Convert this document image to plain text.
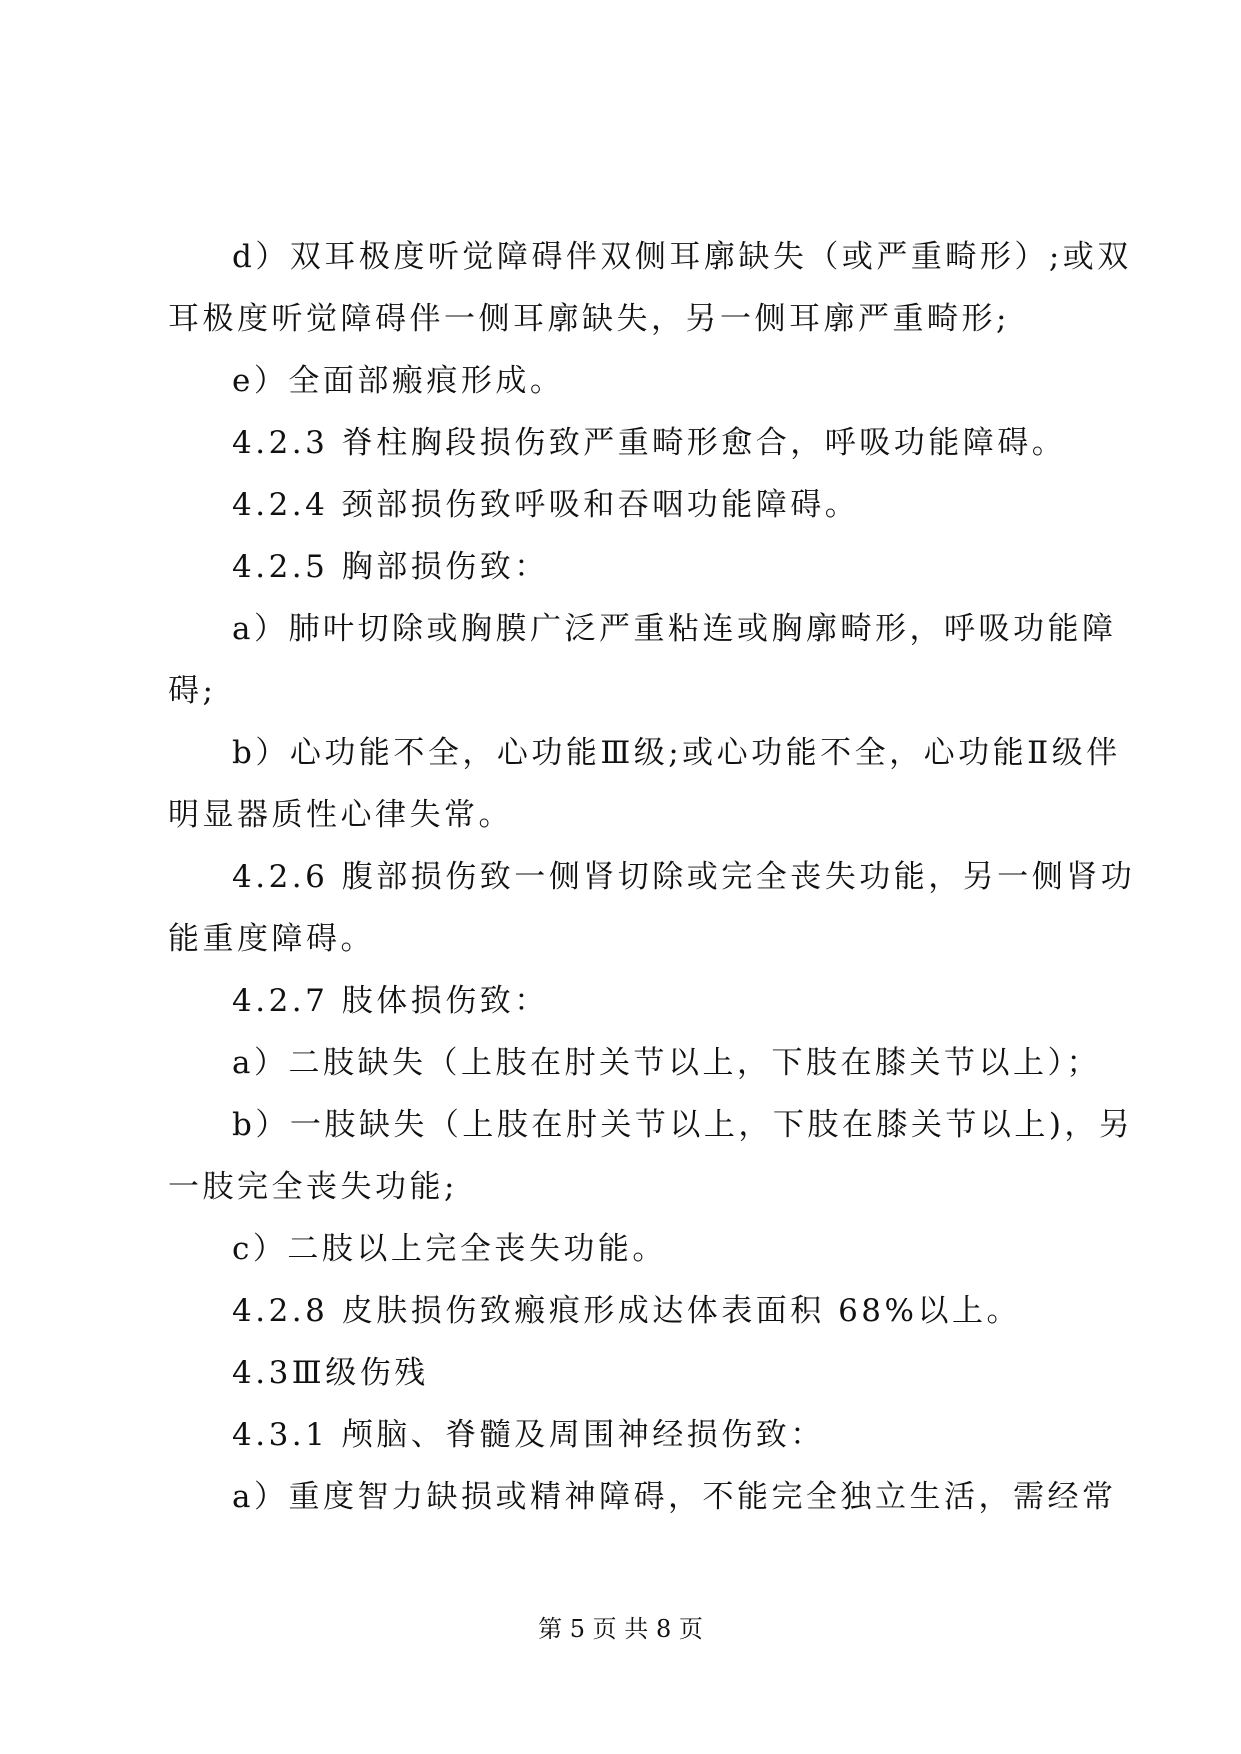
d）双耳极度听觉障碍伴双侧耳廓缺失（或严重畸形）;或双
耳极度听觉障碍伴一侧耳廓缺失，另一侧耳廓严重畸形;
e）全面部瘢痕形成。
4.2.3 脊柱胸段损伤致严重畸形愈合，呼吸功能障碍。
4.2.4 颈部损伤致呼吸和吞咽功能障碍。
4.2.5 胸部损伤致：
a）肺叶切除或胸膜广泛严重粘连或胸廓畸形，呼吸功能障
碍;
b）心功能不全，心功能Ⅲ级;或心功能不全，心功能Ⅱ级伴
明显器质性心律失常。
4.2.6 腹部损伤致一侧肾切除或完全丧失功能，另一侧肾功
能重度障碍。
4.2.7 肢体损伤致：
a）二肢缺失（上肢在肘关节以上，下肢在膝关节以上）；
b）一肢缺失（上肢在肘关节以上，下肢在膝关节以上)，另
一肢完全丧失功能;
c）二肢以上完全丧失功能。
4.2.8 皮肤损伤致瘢痕形成达体表面积 68%以上。
4.3Ⅲ级伤残
4.3.1 颅脑、脊髓及周围神经损伤致：
a）重度智力缺损或精神障碍，不能完全独立生活，需经常
第 5 页 共 8 页
